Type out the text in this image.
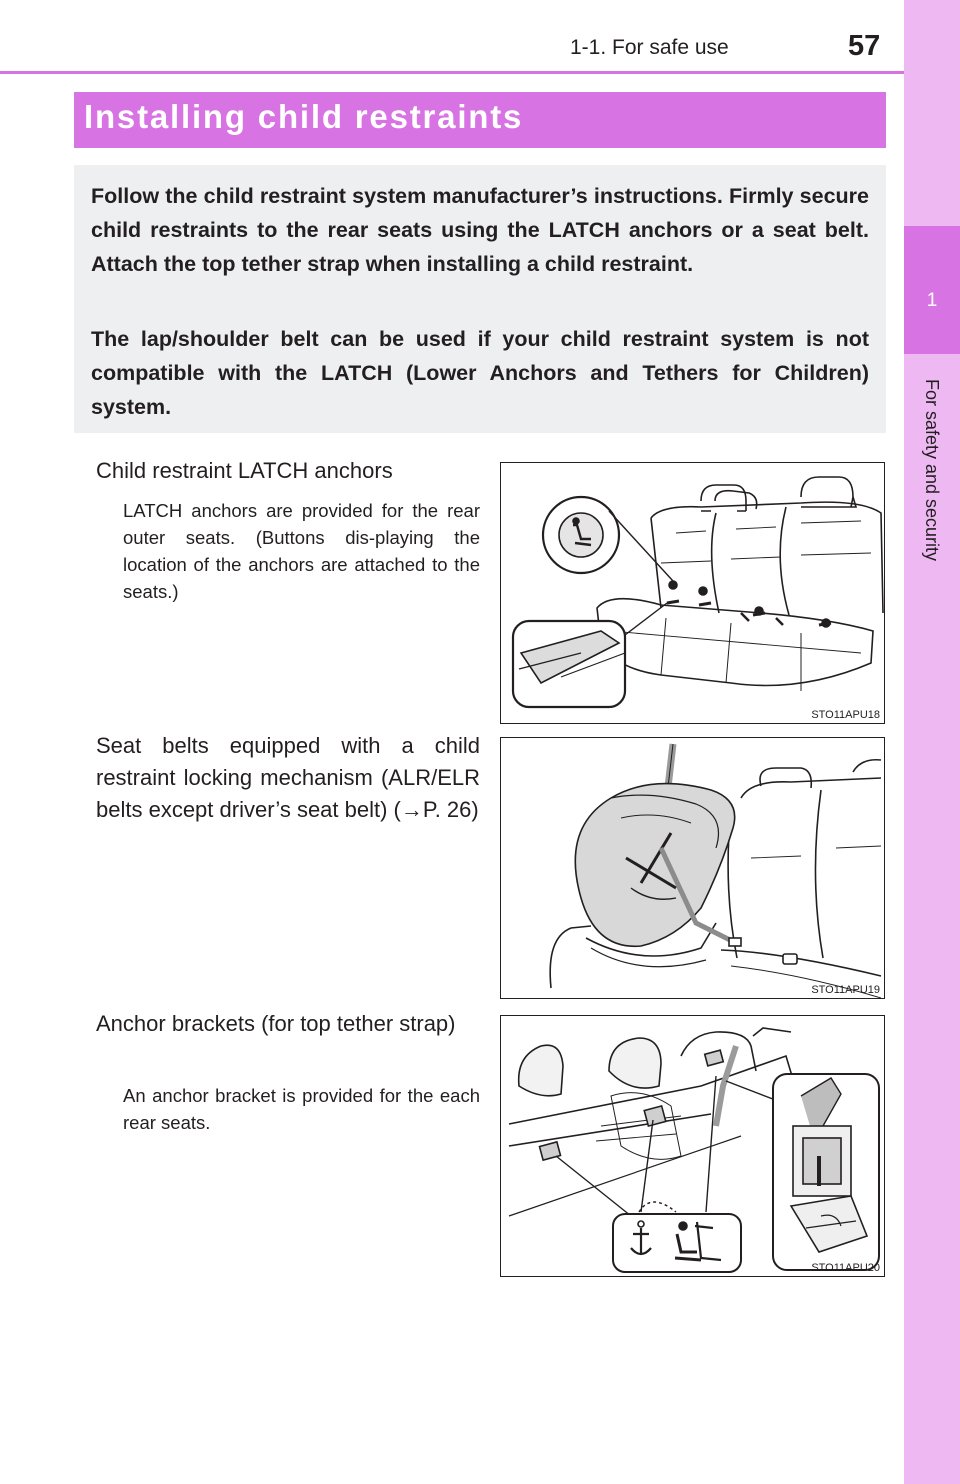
1-1. For safe use	57
1
For safety and security
Installing child restraints

Follow the child restraint system manufacturer’s instructions. Firmly secure child restraints to the rear seats using the LATCH anchors or a seat belt. Attach the top tether strap when installing a child restraint.

The lap/shoulder belt can be used if your child restraint system is not compatible with the LATCH (Lower Anchors and Tethers for Children) system.

Child restraint LATCH anchors

LATCH anchors are provided for the rear outer seats. (Buttons dis-playing the location of the anchors are attached to the seats.)

STO11APU18

Seat belts equipped with a child restraint locking mechanism (ALR/ELR belts except driver’s seat belt) (→P. 26)

STO11APU19

Anchor brackets (for top tether strap)

An anchor bracket is provided for the each rear seats.

STO11APU20
